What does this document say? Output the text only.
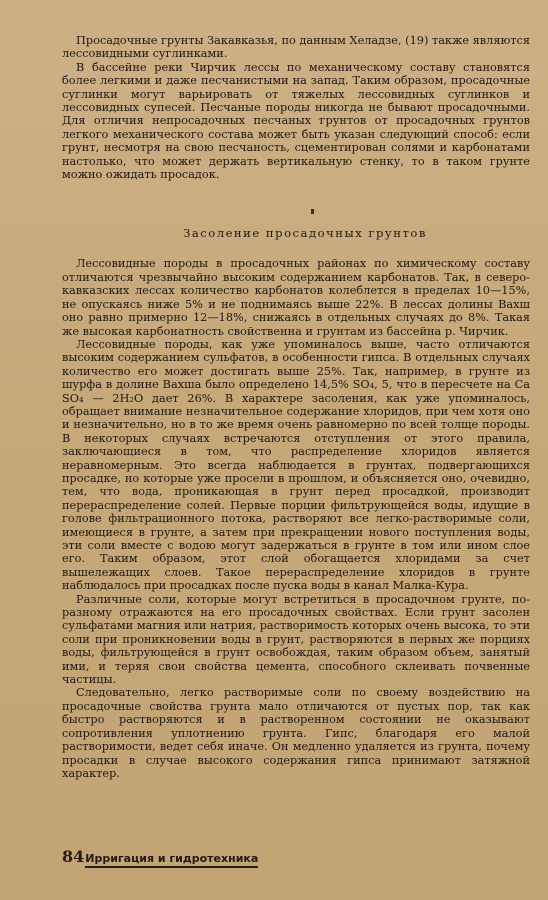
Просадочные грунты Закавказья, по данным Хеладзе, (19) также являются лессовидными суглинками.

В бассейне реки Чирчик лессы по механическому составу становятся более легкими и даже песчанистыми на запад. Таким образом, просадочные суглинки могут варьировать от тяжелых лессовидных суглинков и лессовидных супесей. Песчаные породы никогда не бывают просадочными. Для отличия непросадочных песчаных грунтов от просадочных грунтов легкого механического состава может быть указан следующий способ: если грунт, несмотря на свою песчаность, сцементирован солями и карбонатами настолько, что может держать вертикальную стенку, то в таком грунте можно ожидать просадок.

Засоление просадочных грунтов

Лессовидные породы в просадочных районах по химическому составу отличаются чрезвычайно высоким содержанием карбонатов. Так, в северо-кавказских лессах количество карбонатов колеблется в пределах 10—15%, не опускаясь ниже 5% и не поднимаясь выше 22%. В лессах долины Вахш оно равно примерно 12—18%, снижаясь в отдельных случаях до 8%. Такая же высокая карбонатность свойственна и грунтам из бассейна р. Чирчик.

Лессовидные породы, как уже упоминалось выше, часто отличаются высоким содержанием сульфатов, в особенности гипса. В отдельных случаях количество его может достигать выше 25%. Так, например, в грунте из шурфа в долине Вахша было определено 14,5% SO₄, 5, что в пересчете на Ca SO₄ — 2H₂O дает 26%. В характере засоления, как уже упоминалось, обращает внимание незначительное содержание хлоридов, при чем хотя оно и незначительно, но в то же время очень равномерно по всей толще породы. В некоторых случаях встречаются отступления от этого правила, заключающиеся в том, что распределение хлоридов является неравномерным. Это всегда наблюдается в грунтах, подвергающихся просадке, но которые уже просели в прошлом, и объясняется оно, очевидно, тем, что вода, проникающая в грунт перед просадкой, производит перераспределение солей. Первые порции фильтрующейся воды, идущие в голове фильтрационного потока, растворяют все легко-растворимые соли, имеющиеся в грунте, а затем при прекращении нового поступления воды, эти соли вместе с водою могут задержаться в грунте в том или ином слое его. Таким образом, этот слой обогащается хлоридами за счет вышележащих слоев. Такое перераспределение хлоридов в грунте наблюдалось при просадках после пуска воды в канал Малка-Кура.

Различные соли, которые могут встретиться в просадочном грунте, по-разному отражаются на его просадочных свойствах. Если грунт засолен сульфатами магния или натрия, растворимость которых очень высока, то эти соли при проникновении воды в грунт, растворяются в первых же порциях воды, фильтрующейся в грунт освобождая, таким образом объем, занятый ими, и теряя свои свойства цемента, способного склеивать почвенные частицы.

Следовательно, легко растворимые соли по своему воздействию на просадочные свойства грунта мало отличаются от пустых пор, так как быстро растворяются и в растворенном состоянии не оказывают сопротивления уплотнению грунта. Гипс, благодаря его малой растворимости, ведет себя иначе. Он медленно удаляется из грунта, почему просадки в случае высокого содержания гипса принимают затяжной характер.

84Ирригация и гидротехника
